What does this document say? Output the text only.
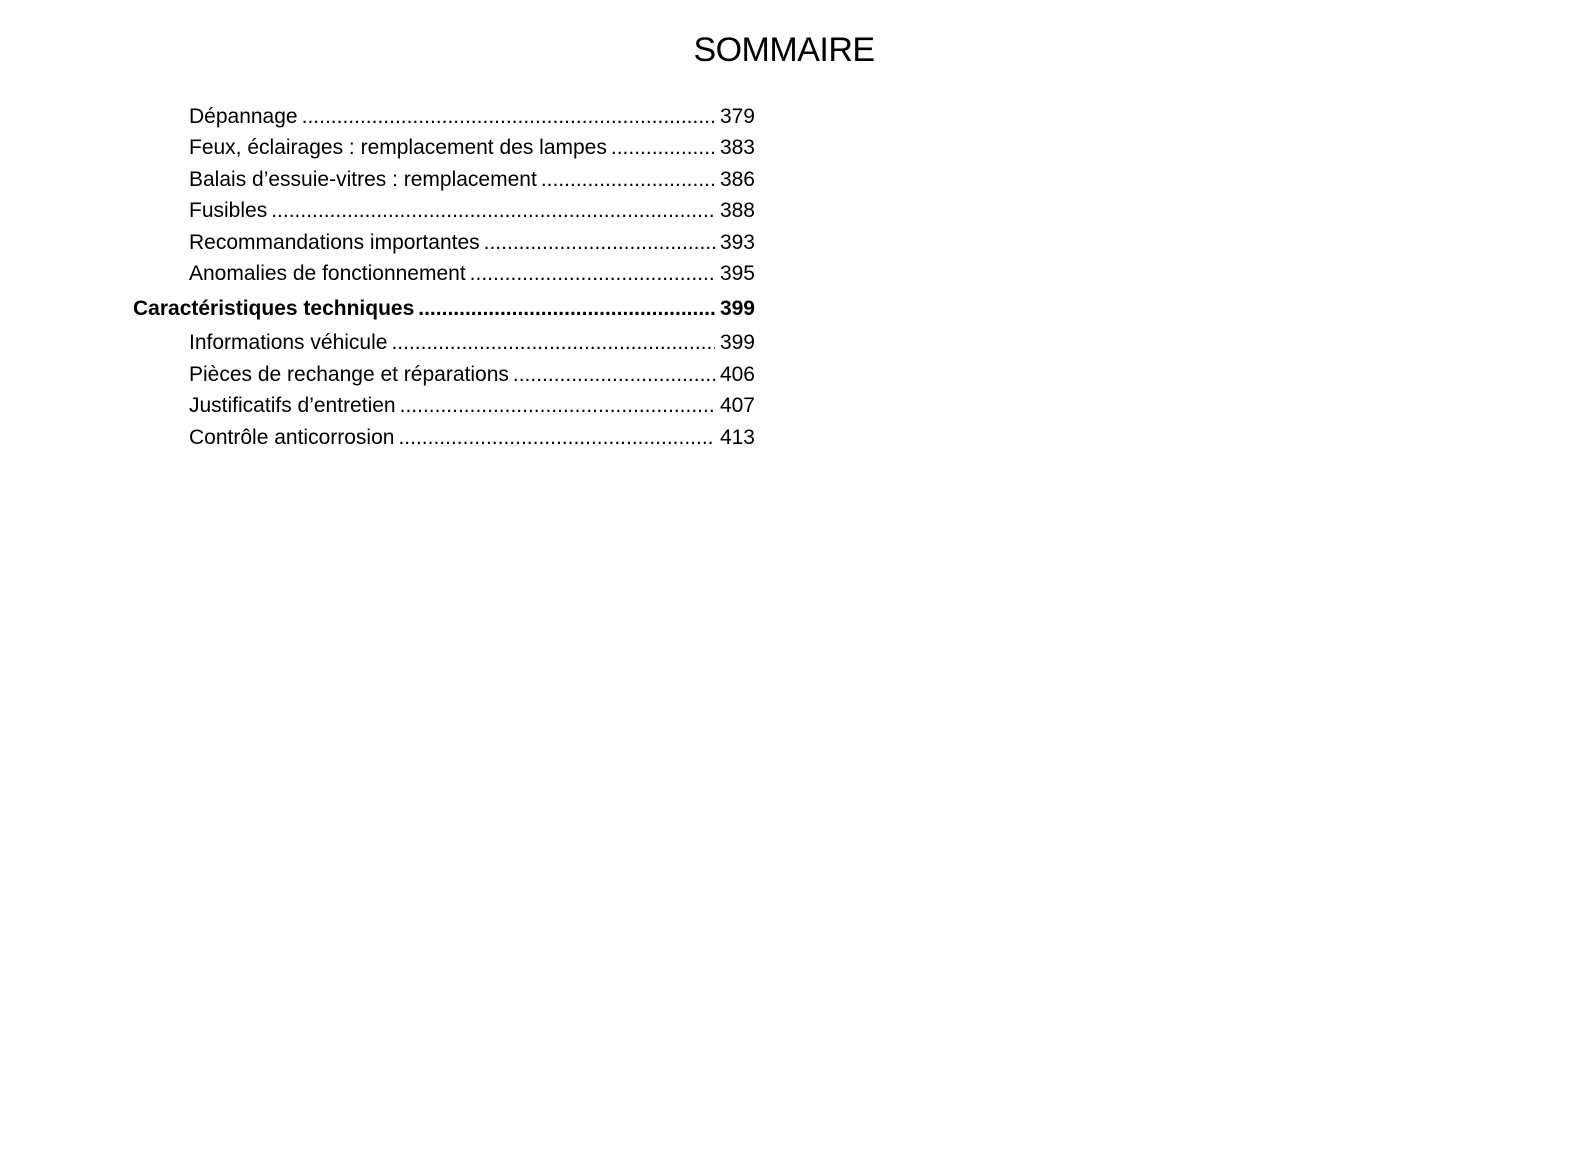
SOMMAIRE
Dépannage .....	379
Feux, éclairages : remplacement des lampes .....	383
Balais d’essuie-vitres : remplacement .....	386
Fusibles .....	388
Recommandations importantes .....	393
Anomalies de fonctionnement .....	395
Caractéristiques techniques .....	399
Informations véhicule .....	399
Pièces de rechange et réparations .....	406
Justificatifs d’entretien .....	407
Contrôle anticorrosion .....	413
